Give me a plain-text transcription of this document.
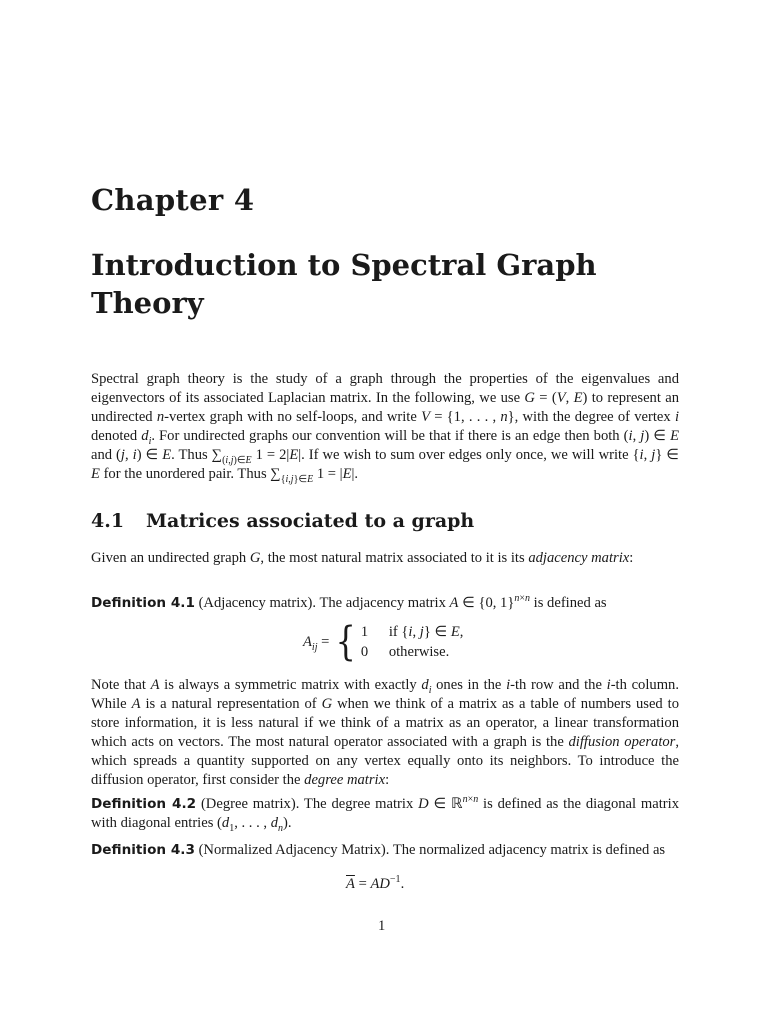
Chapter 4
Introduction to Spectral Graph Theory
Spectral graph theory is the study of a graph through the properties of the eigenvalues and eigenvectors of its associated Laplacian matrix. In the following, we use G = (V, E) to represent an undirected n-vertex graph with no self-loops, and write V = {1, . . . , n}, with the degree of vertex i denoted $d_i$. For undirected graphs our convention will be that if there is an edge then both (i, j) ∈ E and (j, i) ∈ E. Thus $\sum_{(i,j)\in E}$ 1 = 2|E|. If we wish to sum over edges only once, we will write {i, j} ∈ E for the unordered pair. Thus $\sum_{\{i,j\}\in E}$ 1 = |E|.
4.1 Matrices associated to a graph
Given an undirected graph G, the most natural matrix associated to it is its adjacency matrix:
Definition 4.1 (Adjacency matrix). The adjacency matrix A ∈ {0, 1}$^{n\times n}$ is defined as
$A_{ij}$ = { 1	if {i, j} ∈ E,
0	otherwise.
Note that A is always a symmetric matrix with exactly $d_i$ ones in the i-th row and the i-th column. While A is a natural representation of G when we think of a matrix as a table of numbers used to store information, it is less natural if we think of a matrix as an operator, a linear transformation which acts on vectors. The most natural operator associated with a graph is the diffusion operator, which spreads a quantity supported on any vertex equally onto its neighbors. To introduce the diffusion operator, first consider the degree matrix:
Definition 4.2 (Degree matrix). The degree matrix D ∈ ℝ$^{n\times n}$ is defined as the diagonal matrix with diagonal entries ($d_1$, . . . , $d_n$).
Definition 4.3 (Normalized Adjacency Matrix). The normalized adjacency matrix is defined as
$\overline{A} = AD^{-1}$.
1
